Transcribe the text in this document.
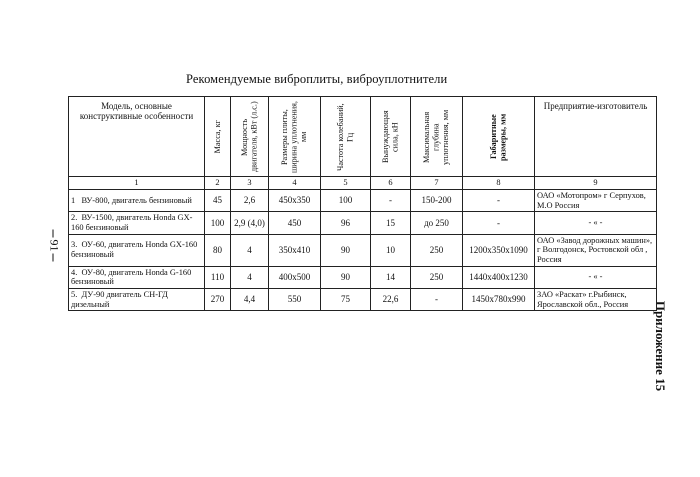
Рекомендуемые виброплиты, виброуплотнители
91
Приложение 15
Модель, основные конструктивные особенности	Масса, кг	Мощность двигателя, кВт (л.с.)	Размеры плиты, ширина уплотнения, мм	Частота колебаний, Гц	Вынуждающая сила, кН	Максимальная глубина уплотнения, мм	Габаритные размеры, мм	Предприятие-изготовитель
1	2	3	4	5	6	7	8	9
1 ВУ-800, двигатель бензиновый	45	2,6	450x350	100	-	150-200	-	ОАО «Мотопром» г Серпухов, М.О Россия
2. ВУ-1500, двигатель Honda GX-160 бензиновый	100	2,9 (4,0)	450	96	15	до 250	-	- « -
3. ОУ-60, двигатель Honda GX-160 бензиновый	80	4	350x410	90	10	250	1200x350x1090	ОАО «Завод дорожных машин», г Волгодонск, Ростовской обл , Россия
4. ОУ-80, двигатель Honda G-160 бензиновый	110	4	400x500	90	14	250	1440x400x1230	- « -
5. ДУ-90 двигатель СН-ГД дизельный	270	4,4	550	75	22,6	-	1450x780x990	ЗАО «Раскат» г.Рыбинск, Ярославской обл., Россия
